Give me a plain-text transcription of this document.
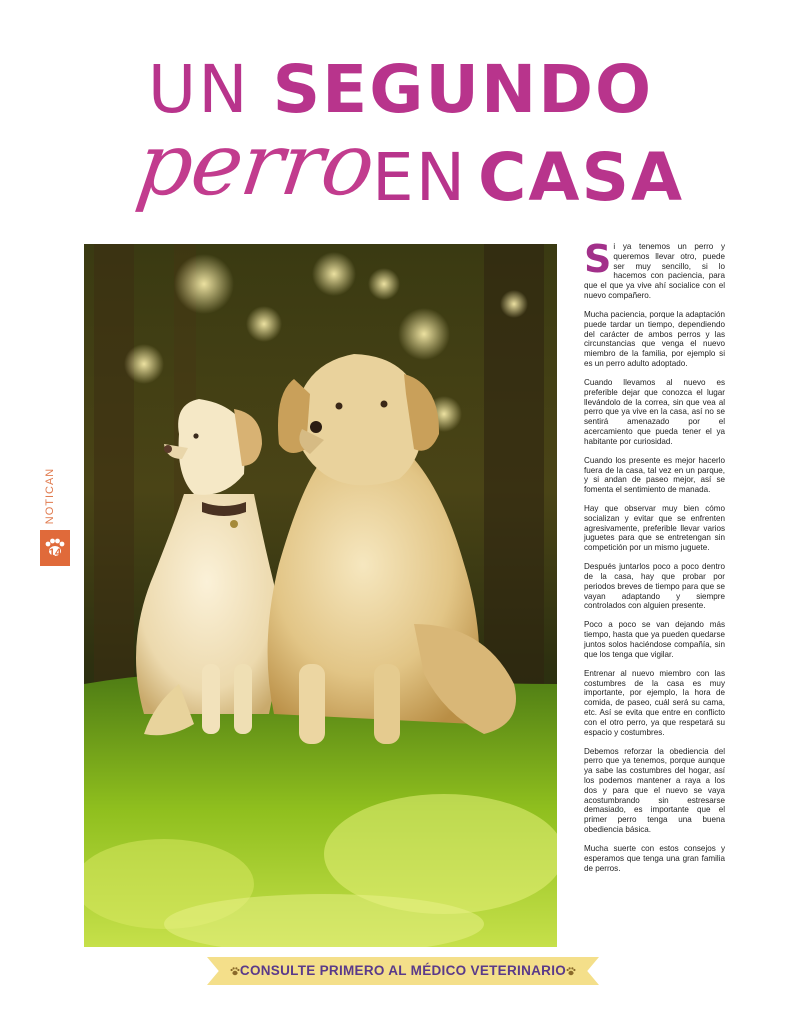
UN SEGUNDO
perro
EN CASA
NOTICAN
14

Si ya tenemos un perro y queremos llevar otro, puede ser muy sencillo, si lo hacemos con paciencia, para que el que ya vive ahí socialice con el nuevo compañero.

Mucha paciencia, porque la adaptación puede tardar un tiempo, dependiendo del carácter de ambos perros y las circunstancias que venga el nuevo miembro de la familia, por ejemplo si es un perro adulto adoptado.

Cuando llevamos al nuevo es preferible dejar que conozca el lugar llevándolo de la correa, sin que vea al perro que ya vive en la casa, así no se sentirá amenazado por el acercamiento que pueda tener el ya habitante por curiosidad.

Cuando los presente es mejor hacerlo fuera de la casa, tal vez en un parque, y si andan de paseo mejor, así se fomenta el sentimiento de manada.

Hay que observar muy bien cómo socializan y evitar que se enfrenten agresivamente, preferible llevar varios juguetes para que se entretengan sin competición por un mismo juguete.

Después juntarlos poco a poco dentro de la casa, hay que probar por periodos breves de tiempo para que se vayan adaptando y siempre controlados con alguien presente.

Poco a poco se van dejando más tiempo, hasta que ya pueden quedarse juntos solos haciéndose compañía, sin que los tenga que vigilar.

Entrenar al nuevo miembro con las costumbres de la casa es muy importante, por ejemplo, la hora de comida, de paseo, cuál será su cama, etc. Así se evita que entre en conflicto con el otro perro, ya que respetará su espacio y costumbres.

Debemos reforzar la obediencia del perro que ya tenemos, porque aunque ya sabe las costumbres del hogar, así los podemos mantener a raya a los dos y para que el nuevo se vaya acostumbrando sin estresarse demasiado, es importante que el primer perro tenga una buena obediencia básica.

Mucha suerte con estos consejos y esperamos que tenga una gran familia de perros.

CONSULTE PRIMERO AL MÉDICO VETERINARIO
